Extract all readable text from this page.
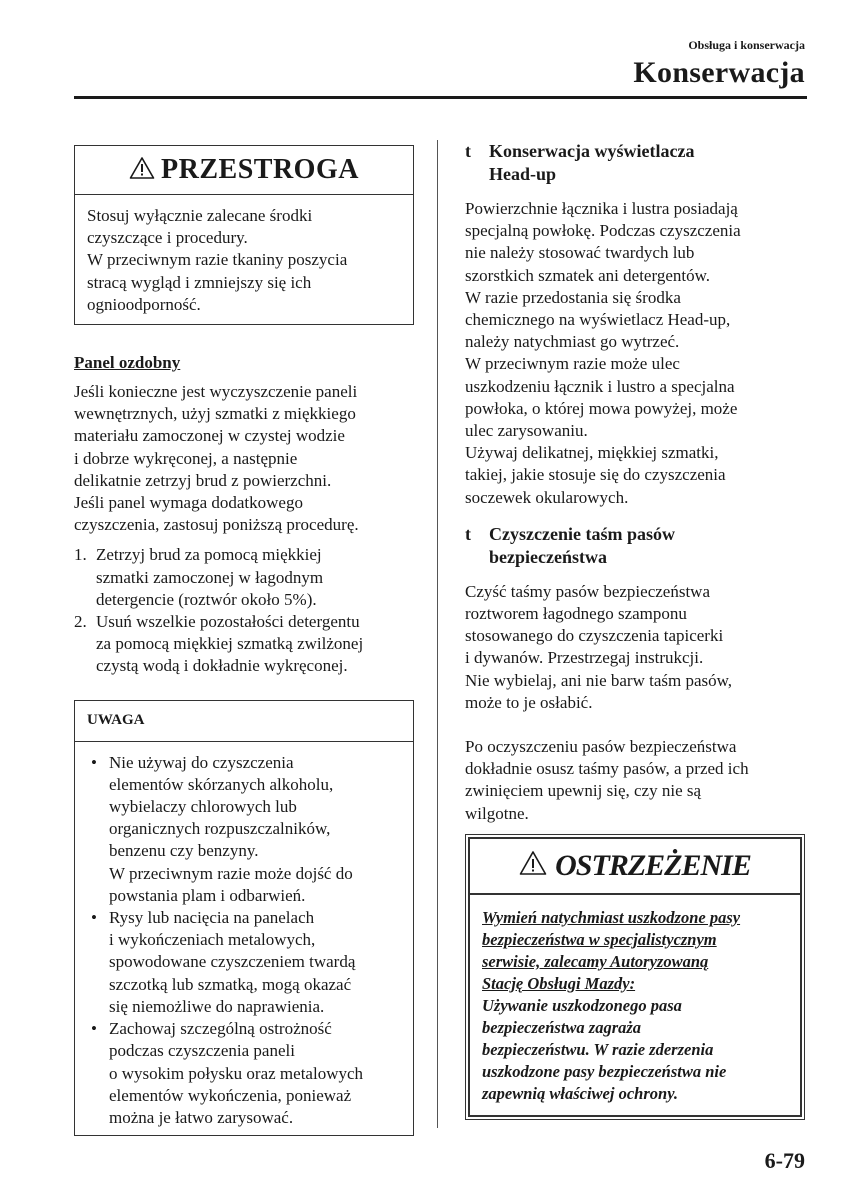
Obsługa i konserwacja
Konserwacja
PRZESTROGA
Stosuj wyłącznie zalecane środki
czyszczące i procedury.
W przeciwnym razie tkaniny poszycia
stracą wygląd i zmniejszy się ich
ognioodporność.
Panel ozdobny

Jeśli konieczne jest wyczyszczenie paneli

wewnętrznych, użyj szmatki z miękkiego

materiału zamoczonej w czystej wodzie

i dobrze wykręconej, a następnie

delikatnie zetrzyj brud z powierzchni.

Jeśli panel wymaga dodatkowego

czyszczenia, zastosuj poniższą procedurę.

1. Zetrzyj brud za pomocą miękkiej
szmatki zamoczonej w łagodnym
detergencie (roztwór około 5%).
2. Usuń wszelkie pozostałości detergentu
za pomocą miękkiej szmatką zwilżonej
czystą wodą i dokładnie wykręconej.
UWAGA
• Nie używaj do czyszczenia
elementów skórzanych alkoholu,
wybielaczy chlorowych lub
organicznych rozpuszczalników,
benzenu czy benzyny.
W przeciwnym razie może dojść do
powstania plam i odbarwień.
• Rysy lub nacięcia na panelach
i wykończeniach metalowych,
spowodowane czyszczeniem twardą
szczotką lub szmatką, mogą okazać
się niemożliwe do naprawienia.
• Zachowaj szczególną ostrożność
podczas czyszczenia paneli
o wysokim połysku oraz metalowych
elementów wykończenia, ponieważ
można je łatwo zarysować.
t	Konserwacja wyświetlacza
Head-up

Powierzchnie łącznika i lustra posiadają

specjalną powłokę. Podczas czyszczenia

nie należy stosować twardych lub

szorstkich szmatek ani detergentów.

W razie przedostania się środka

chemicznego na wyświetlacz Head-up,

należy natychmiast go wytrzeć.

W przeciwnym razie może ulec

uszkodzeniu łącznik i lustro a specjalna

powłoka, o której mowa powyżej, może

ulec zarysowaniu.

Używaj delikatnej, miękkiej szmatki,

takiej, jakie stosuje się do czyszczenia

soczewek okularowych.

t	Czyszczenie taśm pasów
bezpieczeństwa

Czyść taśmy pasów bezpieczeństwa

roztworem łagodnego szamponu

stosowanego do czyszczenia tapicerki

i dywanów. Przestrzegaj instrukcji.

Nie wybielaj, ani nie barw taśm pasów,

może to je osłabić.

Po oczyszczeniu pasów bezpieczeństwa

dokładnie osusz taśmy pasów, a przed ich

zwinięciem upewnij się, czy nie są

wilgotne.

OSTRZEŻENIE
Wymień natychmiast uszkodzone pasy
bezpieczeństwa w specjalistycznym
serwisie, zalecamy Autoryzowaną
Stację Obsługi Mazdy:
Używanie uszkodzonego pasa
bezpieczeństwa zagraża
bezpieczeństwu. W razie zderzenia
uszkodzone pasy bezpieczeństwa nie
zapewnią właściwej ochrony.
6-79
